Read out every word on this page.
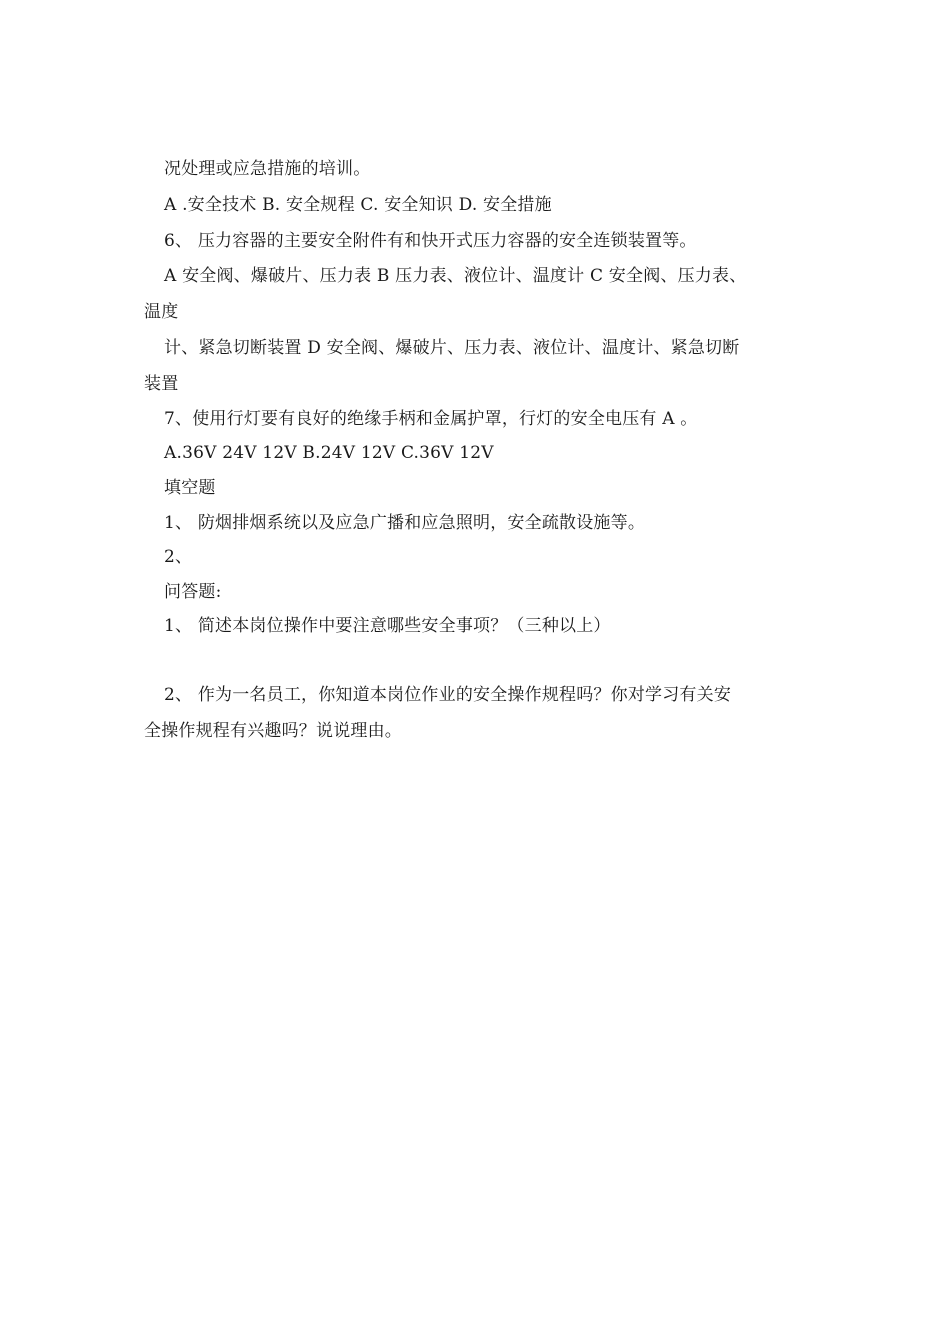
况处理或应急措施的培训。
A .安全技术 B. 安全规程 C. 安全知识 D. 安全措施
6、 压力容器的主要安全附件有和快开式压力容器的安全连锁装置等。
A 安全阀、爆破片、压力表 B 压力表、液位计、温度计 C 安全阀、压力表、
温度
计、紧急切断装置 D 安全阀、爆破片、压力表、液位计、温度计、紧急切断
装置
7、使用行灯要有良好的绝缘手柄和金属护罩，行灯的安全电压有 A 。
A.36V 24V 12V B.24V 12V C.36V 12V
填空题
1、 防烟排烟系统以及应急广播和应急照明，安全疏散设施等。
2、
问答题:
1、 简述本岗位操作中要注意哪些安全事项？（三种以上）
2、 作为一名员工，你知道本岗位作业的安全操作规程吗？你对学习有关安
全操作规程有兴趣吗？说说理由。
